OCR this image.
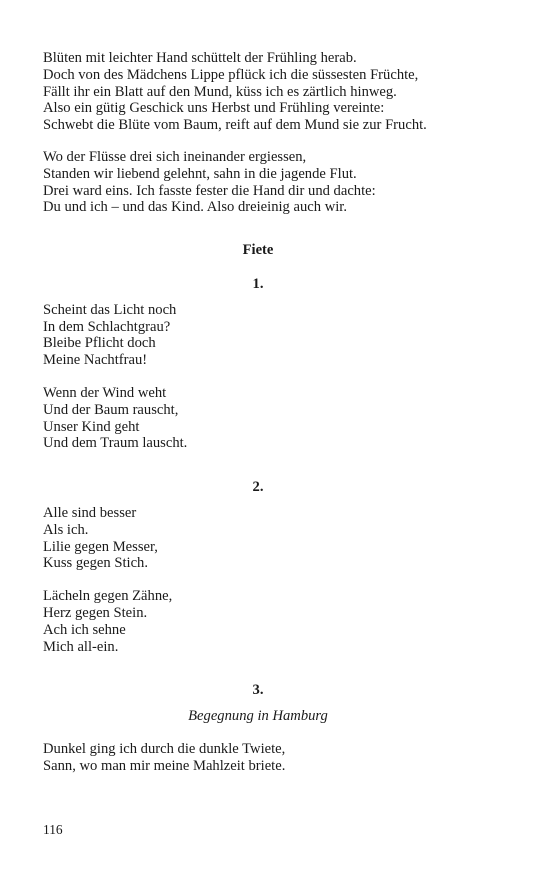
Blüten mit leichter Hand schüttelt der Frühling herab.
Doch von des Mädchens Lippe pflück ich die süssesten Früchte,
Fällt ihr ein Blatt auf den Mund, küss ich es zärtlich hinweg.
Also ein gütig Geschick uns Herbst und Frühling vereinte:
Schwebt die Blüte vom Baum, reift auf dem Mund sie zur Frucht.
Wo der Flüsse drei sich ineinander ergiessen,
Standen wir liebend gelehnt, sahn in die jagende Flut.
Drei ward eins. Ich fasste fester die Hand dir und dachte:
Du und ich – und das Kind. Also dreieinig auch wir.
Fiete
1.
Scheint das Licht noch
In dem Schlachtgrau?
Bleibe Pflicht doch
Meine Nachtfrau!
Wenn der Wind weht
Und der Baum rauscht,
Unser Kind geht
Und dem Traum lauscht.
2.
Alle sind besser
Als ich.
Lilie gegen Messer,
Kuss gegen Stich.
Lächeln gegen Zähne,
Herz gegen Stein.
Ach ich sehne
Mich all-ein.
3.
Begegnung in Hamburg
Dunkel ging ich durch die dunkle Twiete,
Sann, wo man mir meine Mahlzeit briete.
116
